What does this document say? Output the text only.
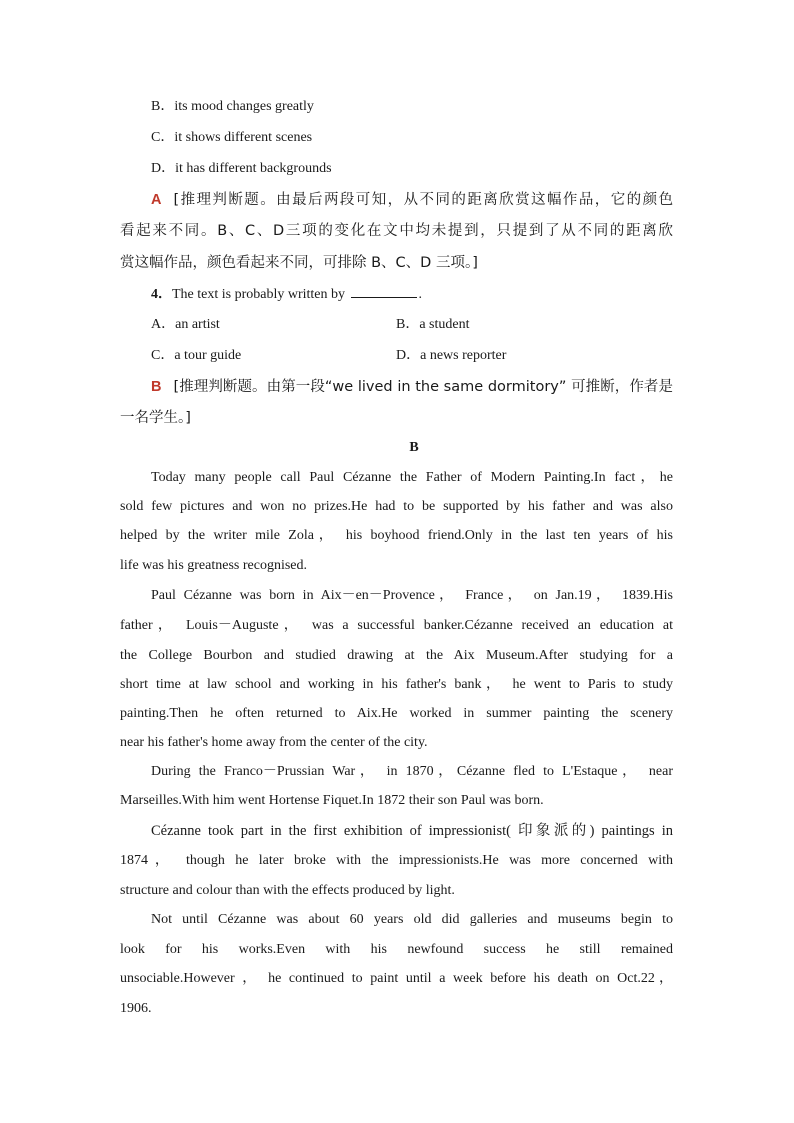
B．its mood changes greatly
C．it shows different scenes
D．it has different backgrounds
A [推理判断题。由最后两段可知，从不同的距离欣赏这幅作品，它的颜色
看起来不同。B、C、D三项的变化在文中均未提到，只提到了从不同的距离欣
赏这幅作品，颜色看起来不同，可排除 B、C、D 三项。]
4．The text is probably written by	.
A．an artist	B．a student
C．a tour guide	D．a news reporter
B [推理判断题。由第一段“we lived in the same dormitory” 可推断，作者是
一名学生。]
B
Today many people call Paul Cézanne the Father of Modern Painting.In fact，he
sold few pictures and won no prizes.He had to be supported by his father and was also
helped by the writer mile Zola， his boyhood friend.Only in the last ten years of his
life was his greatness recognised.
Paul Cézanne was born in Aix－en－Provence， France， on Jan.19， 1839.His
father， Louis－Auguste， was a successful banker.Cézanne received an education at
the College Bourbon and studied drawing at the Aix Museum.After studying for a
short time at law school and working in his father's bank， he went to Paris to study
painting.Then he often returned to Aix.He worked in summer painting the scenery
near his father's home away from the center of the city.
During the Franco－Prussian War， in 1870，Cézanne fled to L'Estaque， near
Marseilles.With him went Hortense Fiquet.In 1872 their son Paul was born.
Cézanne took part in the first exhibition of impressionist( 印象派的) paintings in
1874， though he later broke with the impressionists.He was more concerned with
structure and colour than with the effects produced by light.
Not until Cézanne was about 60 years old did galleries and museums begin to
look for his works.Even with his newfound success he still remained
unsociable.However ， he continued to paint until a week before his death on Oct.22，
1906.
